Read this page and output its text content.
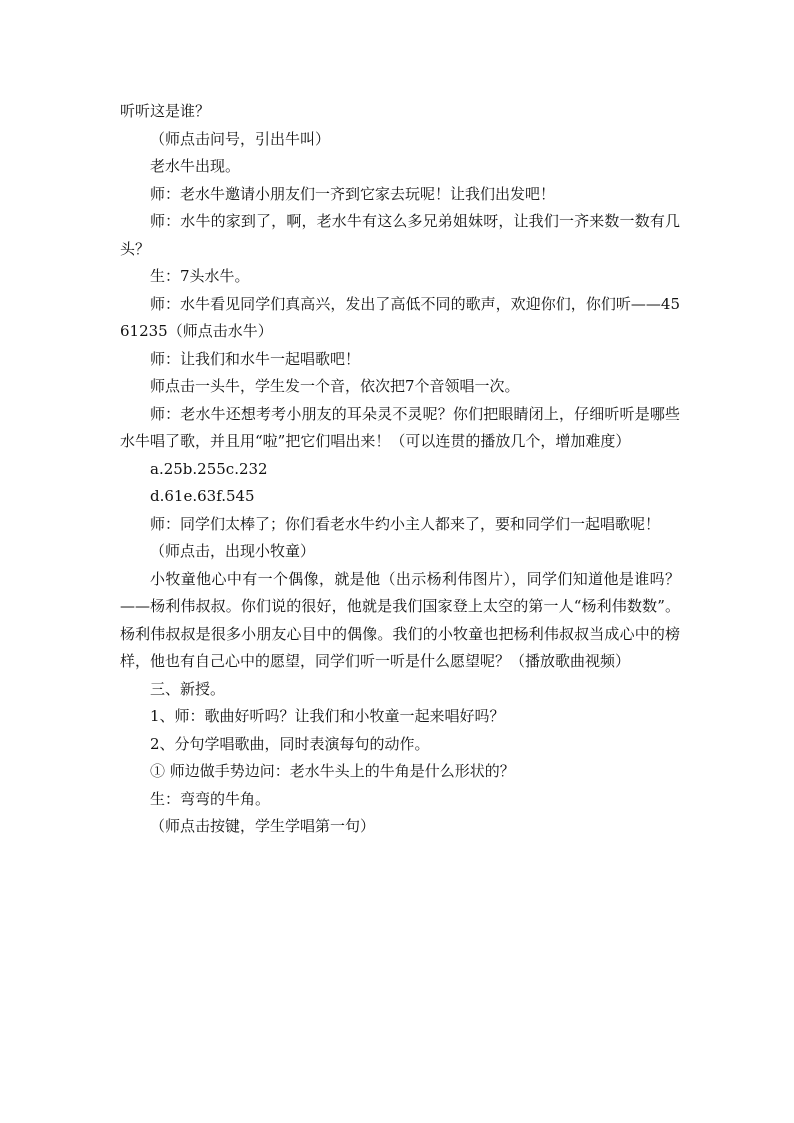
听听这是谁？

（师点击问号，引出牛叫）

老水牛出现。

师：老水牛邀请小朋友们一齐到它家去玩呢！让我们出发吧！

师：水牛的家到了，啊，老水牛有这么多兄弟姐妹呀，让我们一齐来数一数有几头？

生：7头水牛。

师：水牛看见同学们真高兴，发出了高低不同的歌声，欢迎你们，你们听——4561235（师点击水牛）

师：让我们和水牛一起唱歌吧！

师点击一头牛，学生发一个音，依次把7个音领唱一次。

师：老水牛还想考考小朋友的耳朵灵不灵呢？你们把眼睛闭上，仔细听听是哪些水牛唱了歌，并且用“啦”把它们唱出来！（可以连贯的播放几个，增加难度）

a.25b.255c.232

d.61e.63f.545

师：同学们太棒了；你们看老水牛约小主人都来了，要和同学们一起唱歌呢！

（师点击，出现小牧童）

小牧童他心中有一个偶像，就是他（出示杨利伟图片），同学们知道他是谁吗？——杨利伟叔叔。你们说的很好，他就是我们国家登上太空的第一人“杨利伟数数”。杨利伟叔叔是很多小朋友心目中的偶像。我们的小牧童也把杨利伟叔叔当成心中的榜样，他也有自己心中的愿望，同学们听一听是什么愿望呢？（播放歌曲视频）

三、新授。

1、师：歌曲好听吗？让我们和小牧童一起来唱好吗？

2、分句学唱歌曲，同时表演每句的动作。

① 师边做手势边问：老水牛头上的牛角是什么形状的？

生：弯弯的牛角。

（师点击按键，学生学唱第一句）
